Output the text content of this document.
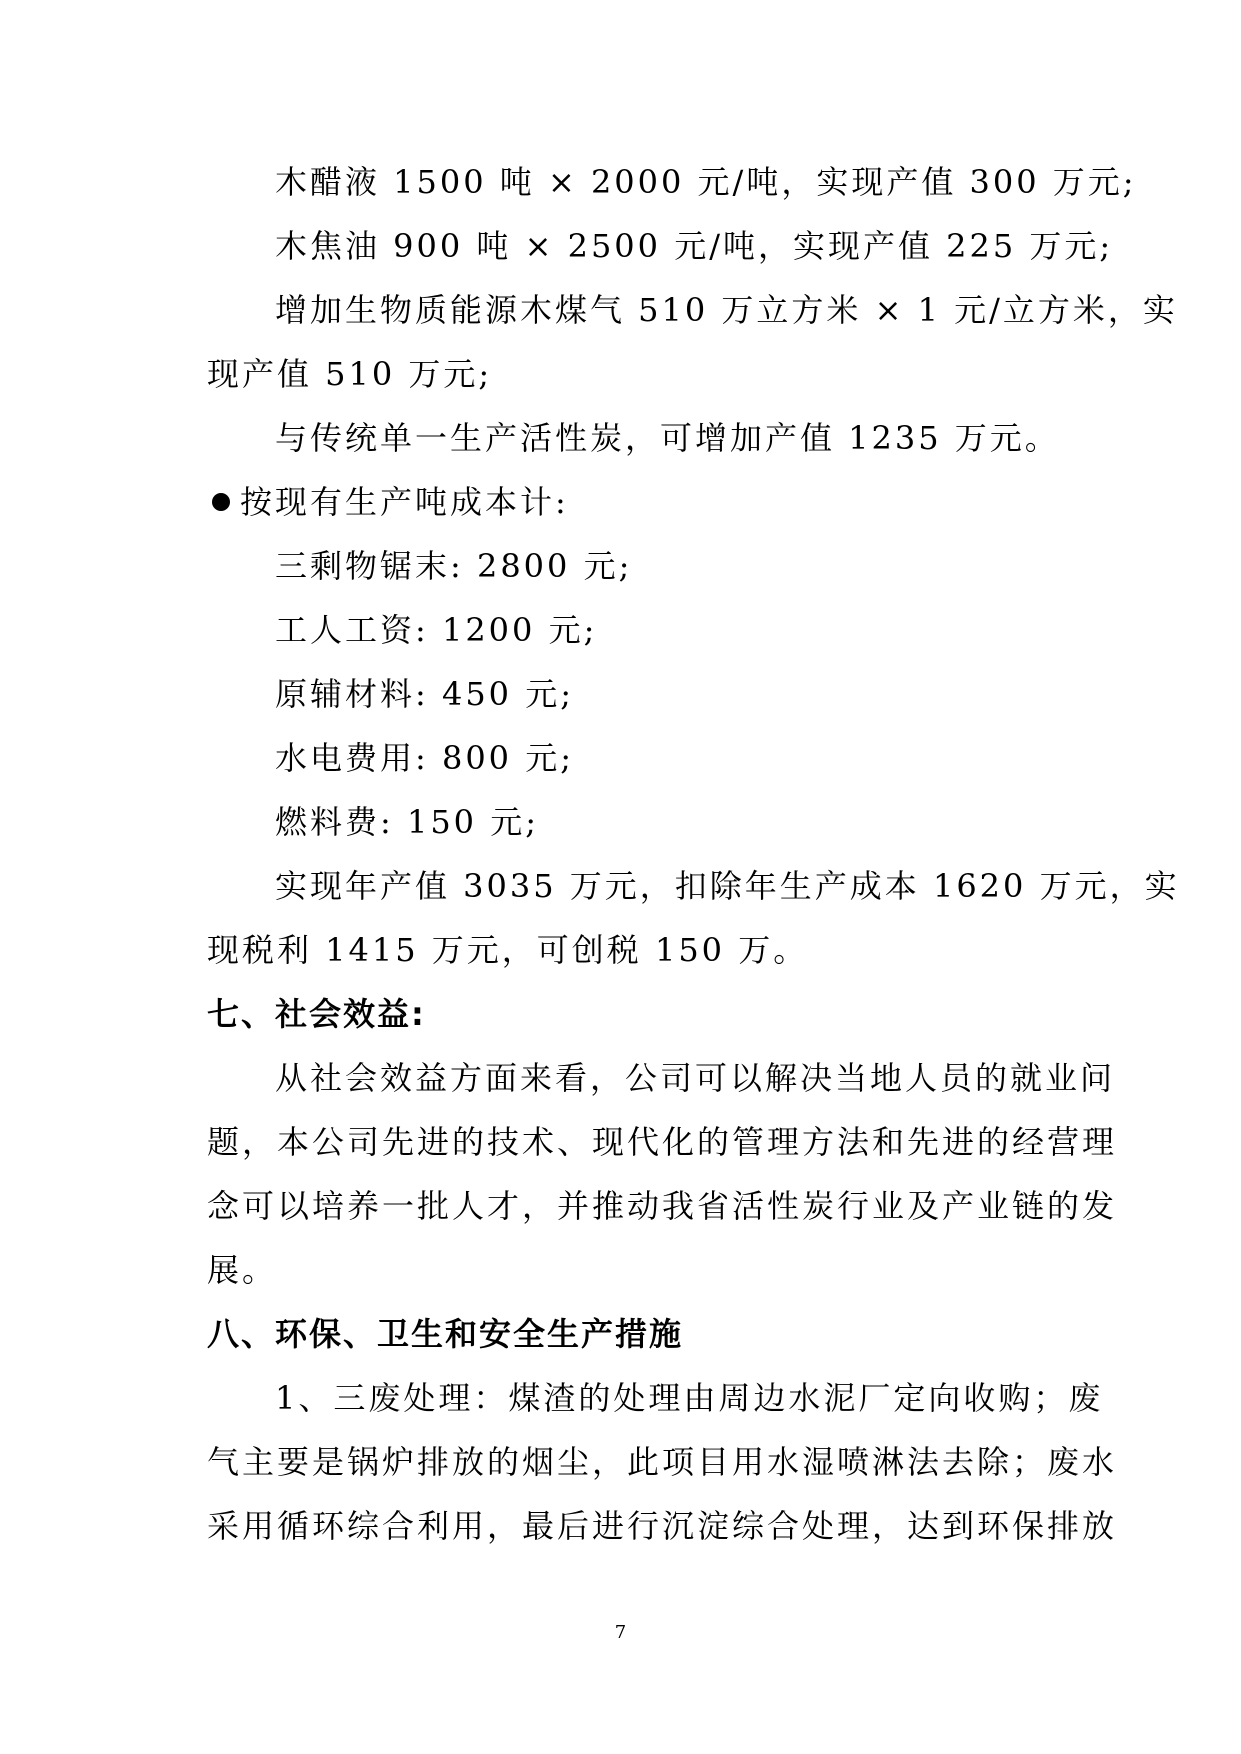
木醋液 1500 吨 × 2000 元/吨，实现产值 300 万元;
木焦油 900 吨 × 2500 元/吨，实现产值 225 万元;
增加生物质能源木煤气 510 万立方米 × 1 元/立方米，实
现产值 510 万元;
与传统单一生产活性炭，可增加产值 1235 万元。
按现有生产吨成本计:
三剩物锯末: 2800 元;
工人工资: 1200 元;
原辅材料: 450 元;
水电费用: 800 元;
燃料费: 150 元;
实现年产值 3035 万元，扣除年生产成本 1620 万元，实
现税利 1415 万元，可创税 150 万。
七、社会效益:
从社会效益方面来看，公司可以解决当地人员的就业问
题，本公司先进的技术、现代化的管理方法和先进的经营理
念可以培养一批人才，并推动我省活性炭行业及产业链的发
展。
八、环保、卫生和安全生产措施
1、三废处理：煤渣的处理由周边水泥厂定向收购；废
气主要是锅炉排放的烟尘，此项目用水湿喷淋法去除；废水
采用循环综合利用，最后进行沉淀综合处理，达到环保排放
7
